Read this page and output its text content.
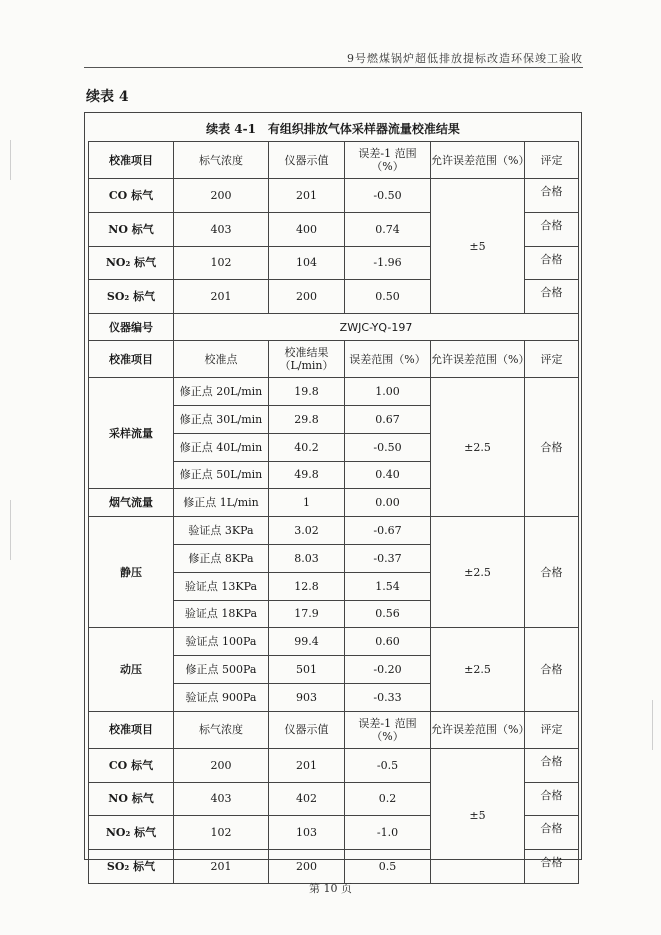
9号燃煤锅炉超低排放提标改造环保竣工验收
续表 4
续表 4-1　有组织排放气体采样器流量校准结果
校准项目	标气浓度	仪器示值	误差-1 范围（%）	允许误差范围（%）	评定
CO 标气	200	201	-0.50	±5	合格
NO 标气	403	400	0.74		合格
NO₂ 标气	102	104	-1.96		合格
SO₂ 标气	201	200	0.50		合格
仪器编号	ZWJC-YQ-197				
校准项目	校准点	校准结果（L/min）	误差范围（%）	允许误差范围（%）	评定
采样流量	修正点 20L/min	19.8	1.00	±2.5	合格
	修正点 30L/min	29.8	0.67		
	修正点 40L/min	40.2	-0.50		
	修正点 50L/min	49.8	0.40		
烟气流量	修正点 1L/min	1	0.00		
静压	验证点 3KPa	3.02	-0.67	±2.5	合格
	修正点 8KPa	8.03	-0.37		
	验证点 13KPa	12.8	1.54		
	验证点 18KPa	17.9	0.56		
动压	验证点 100Pa	99.4	0.60	±2.5	合格
	修正点 500Pa	501	-0.20		
	验证点 900Pa	903	-0.33		
校准项目	标气浓度	仪器示值	误差-1 范围（%）	允许误差范围（%）	评定
CO 标气	200	201	-0.5	±5	合格
NO 标气	403	402	0.2		合格
NO₂ 标气	102	103	-1.0		合格
SO₂ 标气	201	200	0.5		合格
第 10 页
